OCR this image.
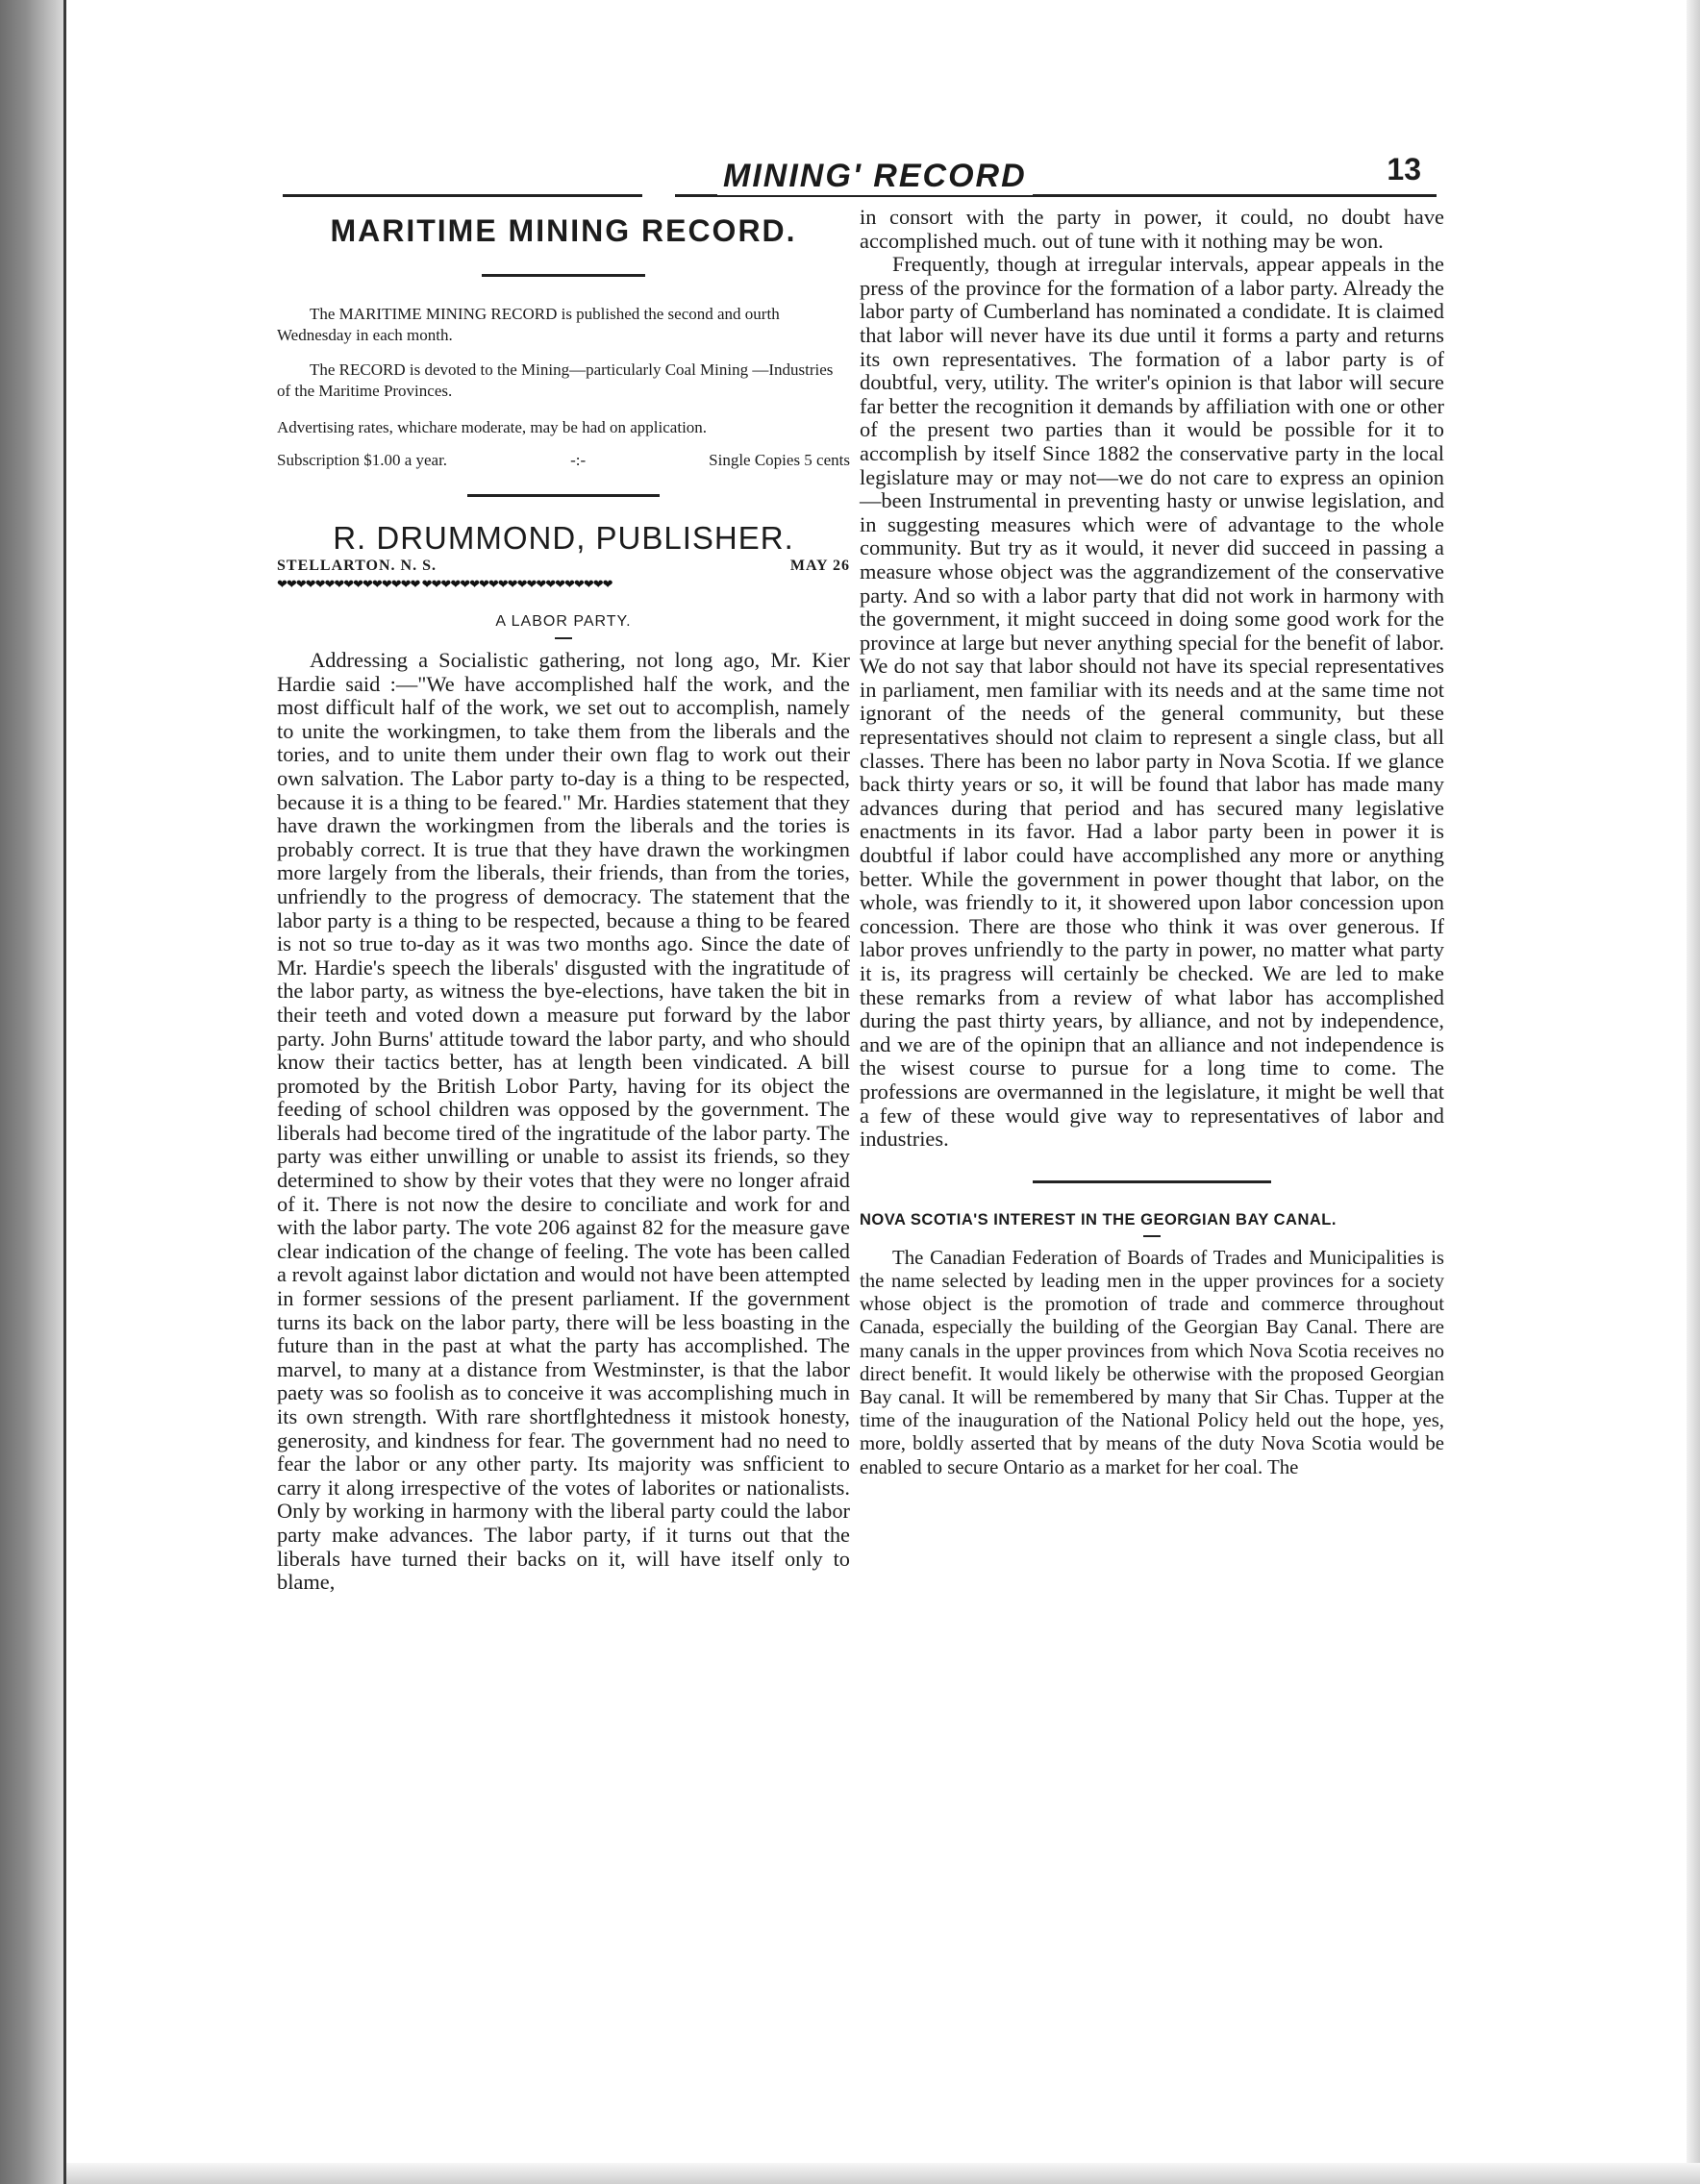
MINING' RECORD	13
MARITIME MINING RECORD.

The MARITIME MINING RECORD is published the second and ourth Wednesday in each month.

The RECORD is devoted to the Mining—particularly Coal Mining —Industries of the Maritime Provinces.

Advertising rates, whichare moderate, may be had on application.

Subscription $1.00 a year.	-:-	Single Copies 5 cents

R. DRUMMOND, PUBLISHER.

STELLARTON. N. S.	MAY 26
❤❤❤❤❤❤❤❤❤❤❤❤❤❤❤ ❤❤❤❤❤❤❤❤❤❤❤❤❤❤❤❤❤❤❤❤

A LABOR PARTY.

Addressing a Socialistic gathering, not long ago, Mr. Kier Hardie said :—"We have accomplished half the work, and the most difficult half of the work, we set out to accomplish, namely to unite the workingmen, to take them from the liberals and the tories, and to unite them under their own flag to work out their own salvation. The Labor party to-day is a thing to be respected, because it is a thing to be feared." Mr. Hardies statement that they have drawn the workingmen from the liberals and the tories is probably correct. It is true that they have drawn the workingmen more largely from the liberals, their friends, than from the tories, unfriendly to the progress of democracy. The statement that the labor party is a thing to be respected, because a thing to be feared is not so true to-day as it was two months ago. Since the date of Mr. Hardie's speech the liberals' disgusted with the ingratitude of the labor party, as witness the bye-elections, have taken the bit in their teeth and voted down a measure put forward by the labor party. John Burns' attitude toward the labor party, and who should know their tactics better, has at length been vindicated. A bill promoted by the British Lobor Party, having for its object the feeding of school children was opposed by the government. The liberals had become tired of the ingratitude of the labor party. The party was either unwilling or unable to assist its friends, so they determined to show by their votes that they were no longer afraid of it. There is not now the desire to conciliate and work for and with the labor party. The vote 206 against 82 for the measure gave clear indication of the change of feeling. The vote has been called a revolt against labor dictation and would not have been attempted in former sessions of the present parliament. If the government turns its back on the labor party, there will be less boasting in the future than in the past at what the party has accomplished. The marvel, to many at a distance from Westminster, is that the labor paety was so foolish as to conceive it was accomplishing much in its own strength. With rare shortflghtedness it mistook honesty, generosity, and kindness for fear. The government had no need to fear the labor or any other party. Its majority was snfficient to carry it along irrespective of the votes of laborites or nationalists. Only by working in harmony with the liberal party could the labor party make advances. The labor party, if it turns out that the liberals have turned their backs on it, will have itself only to blame,

in consort with the party in power, it could, no doubt have accomplished much. out of tune with it nothing may be won.

Frequently, though at irregular intervals, appear appeals in the press of the province for the formation of a labor party. Already the labor party of Cumberland has nominated a condidate. It is claimed that labor will never have its due until it forms a party and returns its own representatives. The formation of a labor party is of doubtful, very, utility. The writer's opinion is that labor will secure far better the recognition it demands by affiliation with one or other of the present two parties than it would be possible for it to accomplish by itself Since 1882 the conservative party in the local legislature may or may not—we do not care to express an opinion—been Instrumental in preventing hasty or unwise legislation, and in suggesting measures which were of advantage to the whole community. But try as it would, it never did succeed in passing a measure whose object was the aggrandizement of the conservative party. And so with a labor party that did not work in harmony with the government, it might succeed in doing some good work for the province at large but never anything special for the benefit of labor. We do not say that labor should not have its special representatives in parliament, men familiar with its needs and at the same time not ignorant of the needs of the general community, but these representatives should not claim to represent a single class, but all classes. There has been no labor party in Nova Scotia. If we glance back thirty years or so, it will be found that labor has made many advances during that period and has secured many legislative enactments in its favor. Had a labor party been in power it is doubtful if labor could have accomplished any more or anything better. While the government in power thought that labor, on the whole, was friendly to it, it showered upon labor concession upon concession. There are those who think it was over generous. If labor proves unfriendly to the party in power, no matter what party it is, its pragress will certainly be checked. We are led to make these remarks from a review of what labor has accomplished during the past thirty years, by alliance, and not by independence, and we are of the opinipn that an alliance and not independence is the wisest course to pursue for a long time to come. The professions are overmanned in the legislature, it might be well that a few of these would give way to representatives of labor and industries.

NOVA SCOTIA'S INTEREST IN THE GEORGIAN BAY CANAL.

The Canadian Federation of Boards of Trades and Municipalities is the name selected by leading men in the upper provinces for a society whose object is the promotion of trade and commerce throughout Canada, especially the building of the Georgian Bay Canal. There are many canals in the upper provinces from which Nova Scotia receives no direct benefit. It would likely be otherwise with the proposed Georgian Bay canal. It will be remembered by many that Sir Chas. Tupper at the time of the inauguration of the National Policy held out the hope, yes, more, boldly asserted that by means of the duty Nova Scotia would be enabled to secure Ontario as a market for her coal. The
